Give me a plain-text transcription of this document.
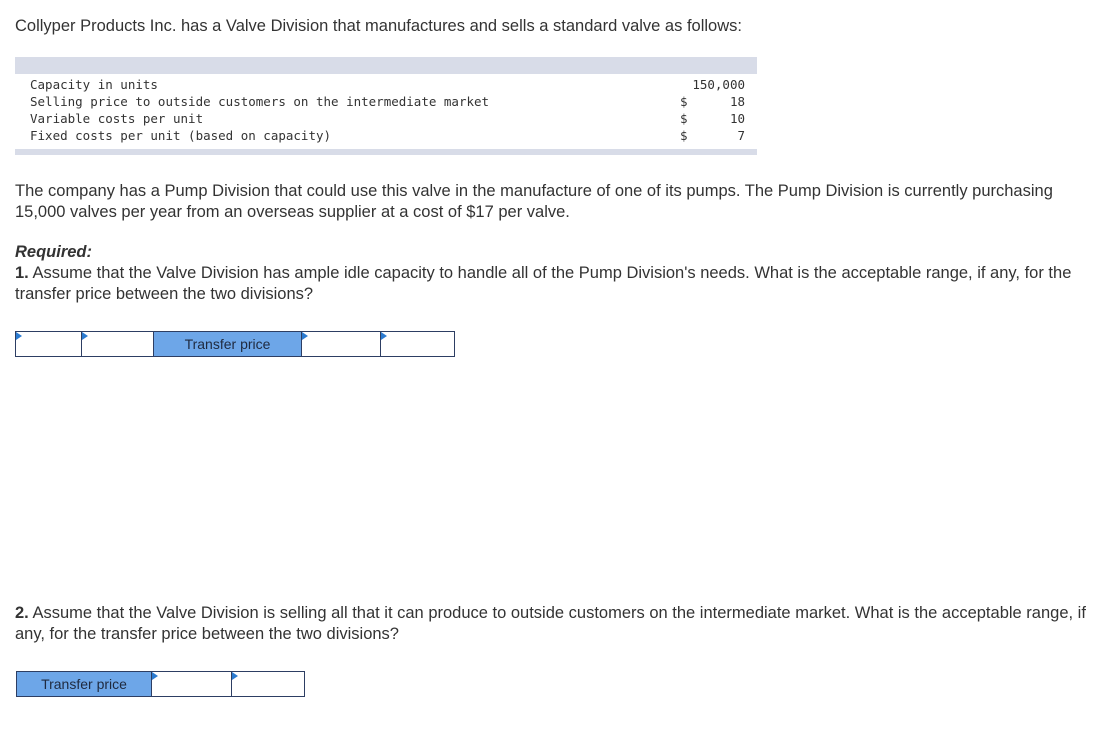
Collyper Products Inc. has a Valve Division that manufactures and sells a standard valve as follows:
Capacity in units	150,000
Selling price to outside customers on the intermediate market	$	18
Variable costs per unit	$	10
Fixed costs per unit (based on capacity)	$	7
The company has a Pump Division that could use this valve in the manufacture of one of its pumps. The Pump Division is currently purchasing 15,000 valves per year from an overseas supplier at a cost of $17 per valve.
Required:
1. Assume that the Valve Division has ample idle capacity to handle all of the Pump Division's needs. What is the acceptable range, if any, for the transfer price between the two divisions?
Transfer price
2. Assume that the Valve Division is selling all that it can produce to outside customers on the intermediate market. What is the acceptable range, if any, for the transfer price between the two divisions?
Transfer price
